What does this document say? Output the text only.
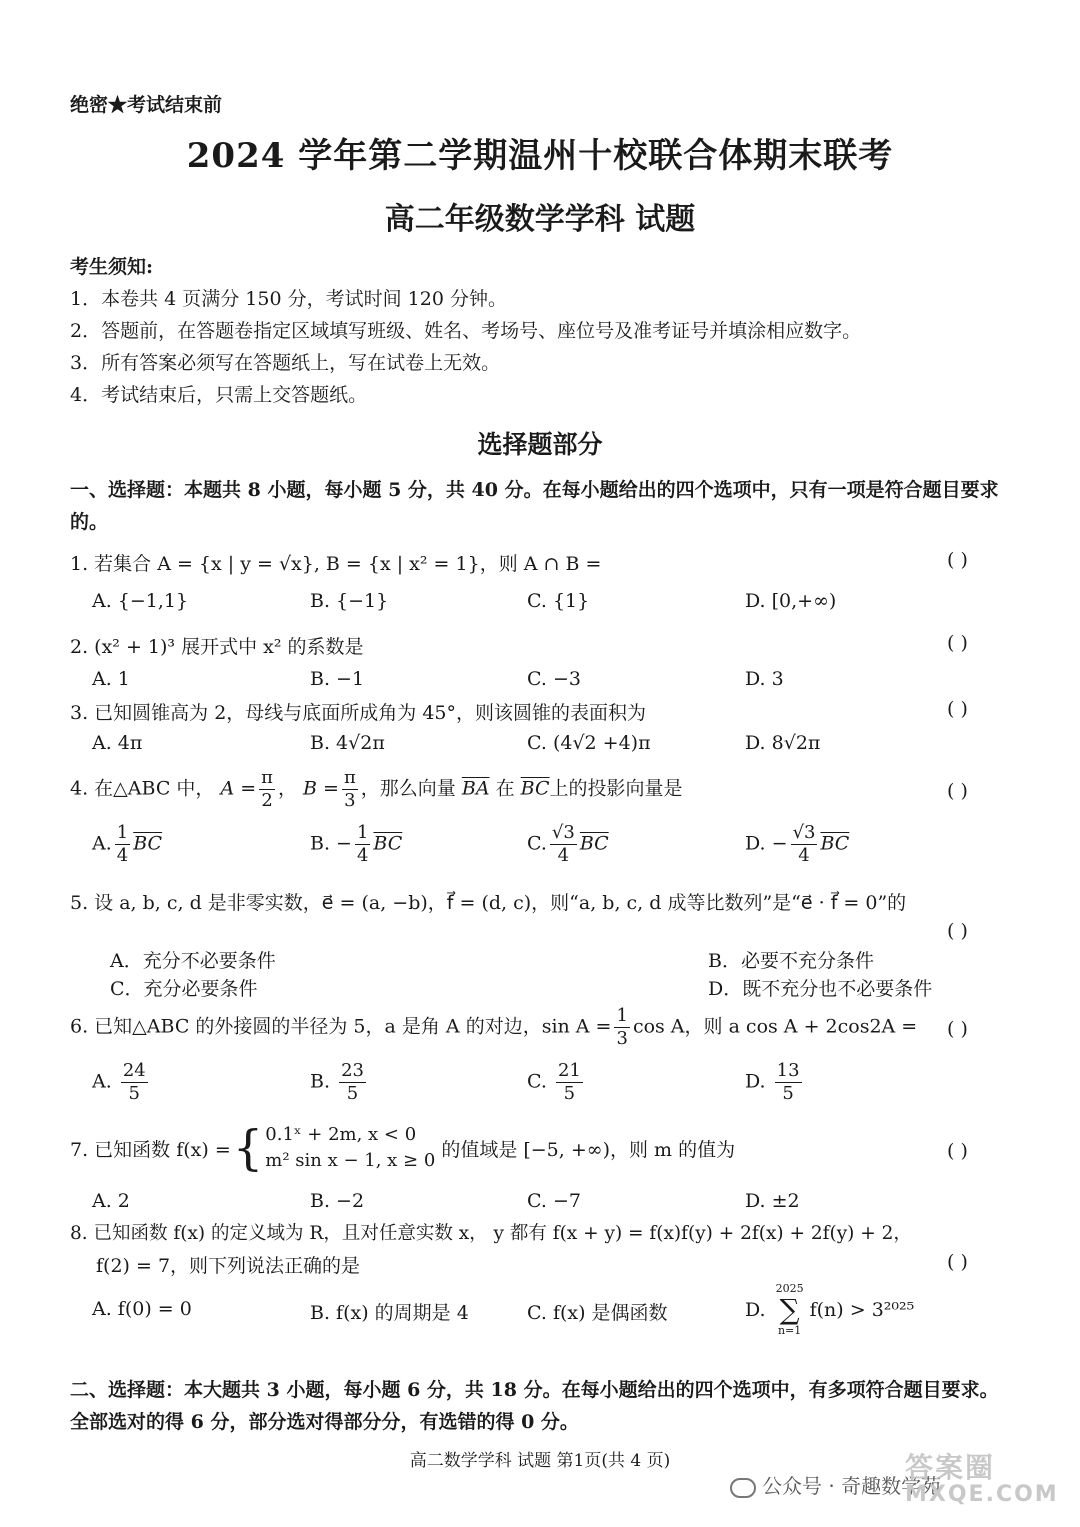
绝密★考试结束前
2024 学年第二学期温州十校联合体期末联考
高二年级数学学科 试题
考生须知:
1．本卷共 4 页满分 150 分，考试时间 120 分钟。
2．答题前，在答题卷指定区域填写班级、姓名、考场号、座位号及准考证号并填涂相应数字。
3．所有答案必须写在答题纸上，写在试卷上无效。
4．考试结束后，只需上交答题纸。
选择题部分
一、选择题：本题共 8 小题，每小题 5 分，共 40 分。在每小题给出的四个选项中，只有一项是符合题目要求的。
1. 若集合 A = {x | y = √x}, B = {x | x² = 1}，则 A ∩ B =	( )
A. {−1,1}	B. {−1}	C. {1}	D. [0,+∞)
2. (x² + 1)³ 展开式中 x² 的系数是	( )
A. 1	B. −1	C. −3	D. 3
3. 已知圆锥高为 2，母线与底面所成角为 45°，则该圆锥的表面积为	( )
A. 4π	B. 4√2π	C. (4√2 +4)π	D. 8√2π
4. 在△ABC 中， $A = \frac{\pi}{2}$ ， $B = \frac{\pi}{3}$ ，那么向量 $\overline{BA}$ 在 $\overline{BC}$上的投影向量是	( )
A. $\frac{1}{4} \overline{BC}$	B. − $\frac{1}{4} \overline{BC}$	C. $\frac{√3}{4} \overline{BC}$	D. − $\frac{√3}{4} \overline{BC}$
5. 设 a, b, c, d 是非零实数，e⃗ = (a, −b)，f⃗ = (d, c)，则“a, b, c, d 成等比数列”是“e⃗ · f⃗ = 0”的
( )
A．充分不必要条件	B．必要不充分条件
C．充分必要条件	D．既不充分也不必要条件
6. 已知△ABC 的外接圆的半径为 5，a 是角 A 的对边，$\sin A = \frac{1}{3}$ cos A，则 a cos A + 2cos2A = ( )
A. $\frac{24}{5}$	B. $\frac{23}{5}$	C. $\frac{21}{5}$	D. $\frac{13}{5}$
7. 已知函数 f(x) = { 0.1ˣ + 2m, x < 0
m² sin x − 1, x ≥ 0 的值域是 [−5, +∞)，则 m 的值为	( )
A. 2	B. −2	C. −7	D. ±2
8. 已知函数 f(x) 的定义域为 R，且对任意实数 x， y 都有 f(x + y) = f(x)f(y) + 2f(x) + 2f(y) + 2，
f(2) = 7，则下列说法正确的是	( )
A. f(0) = 0	B. f(x) 的周期是 4	C. f(x) 是偶函数	D.
2025
∑
n=1
f(n) > 3²⁰²⁵
二、选择题：本大题共 3 小题，每小题 6 分，共 18 分。在每小题给出的四个选项中，有多项符合题目要求。全部选对的得 6 分，部分选对得部分分，有选错的得 0 分。
高二数学学科 试题 第1页(共 4 页)
公众号 · 奇趣数学苑
答案圈
MXQE.COM
